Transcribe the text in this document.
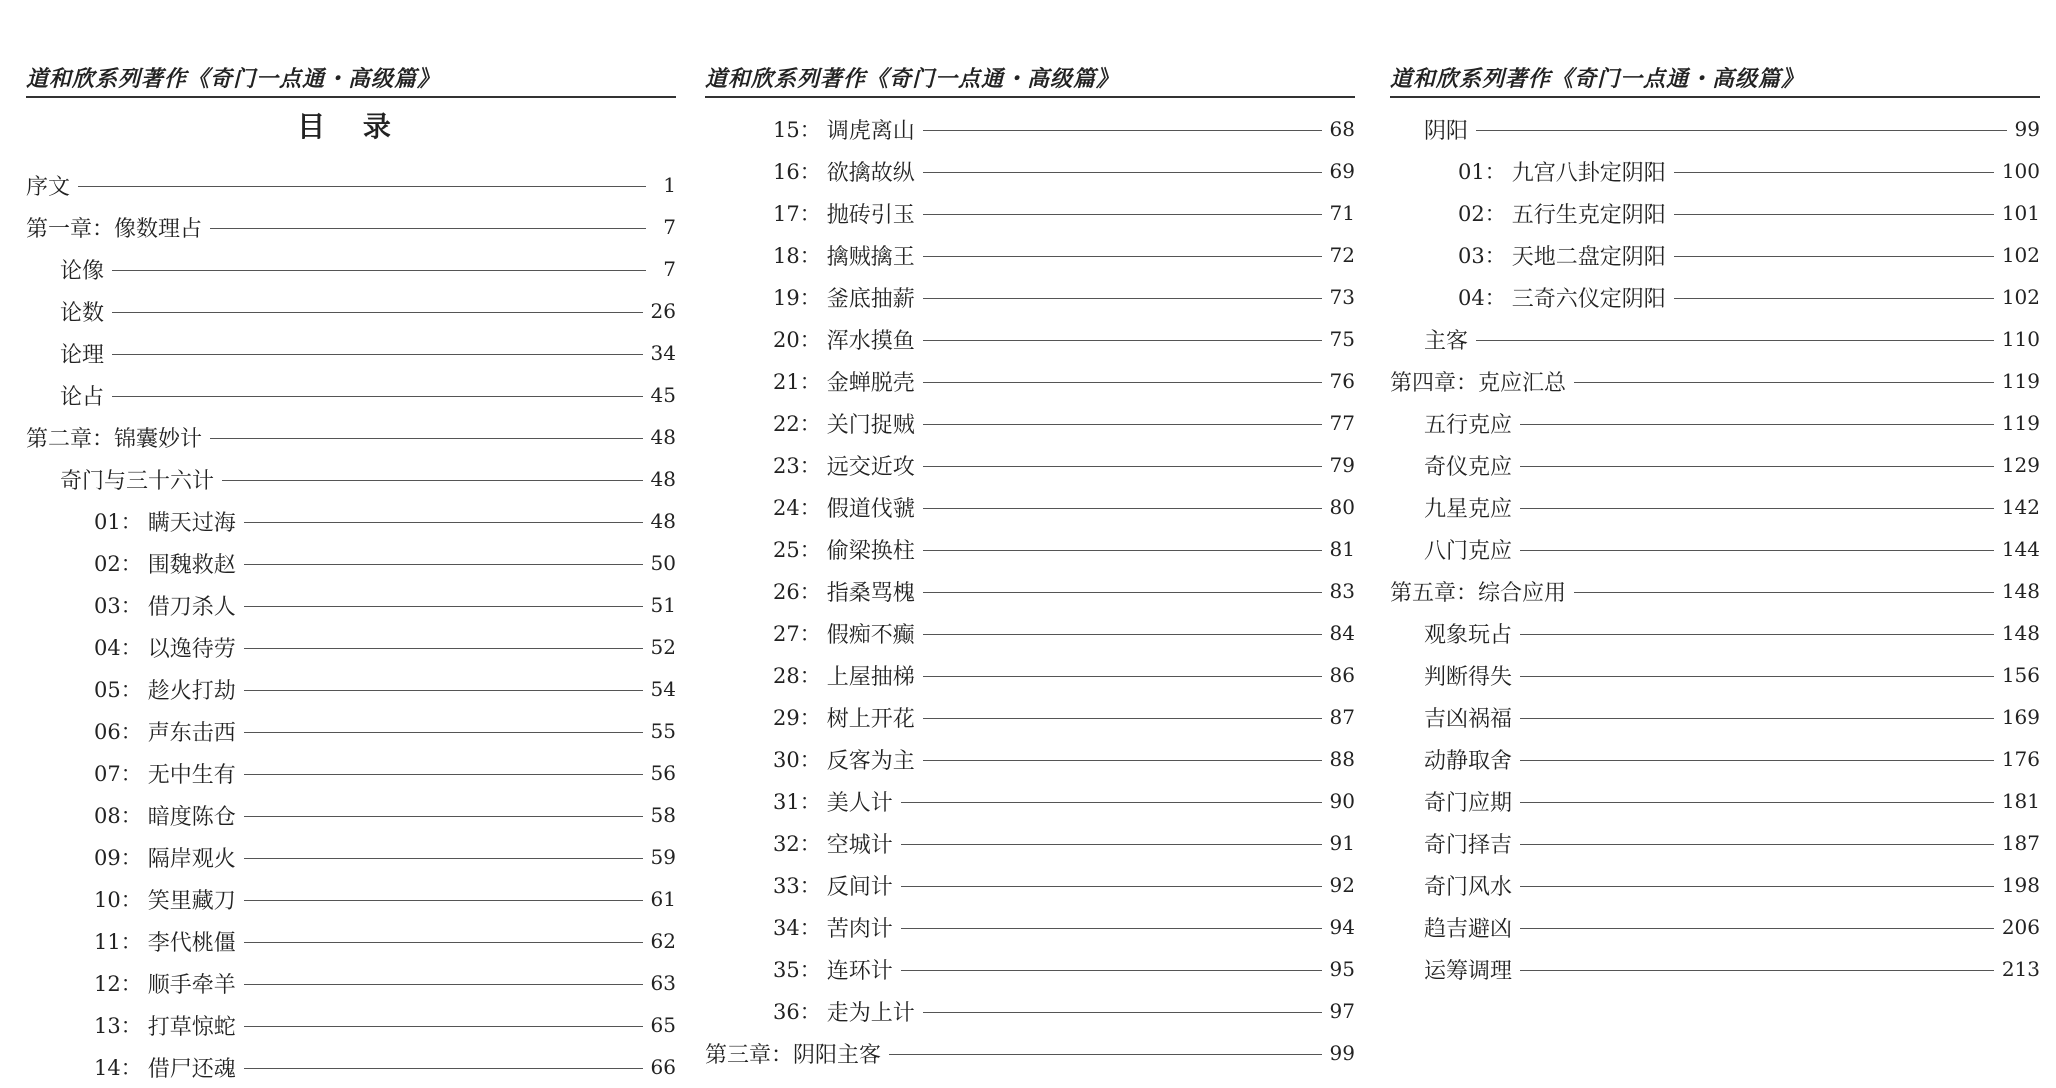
道和欣系列著作《奇门一点通・高级篇》
目 录
序文	1
第一章：像数理占	7
论像	7
论数	26
论理	34
论占	45
第二章：锦囊妙计	48
奇门与三十六计	48
01： 瞒天过海	48
02： 围魏救赵	50
03： 借刀杀人	51
04： 以逸待劳	52
05： 趁火打劫	54
06： 声东击西	55
07： 无中生有	56
08： 暗度陈仓	58
09： 隔岸观火	59
10： 笑里藏刀	61
11： 李代桃僵	62
12： 顺手牵羊	63
13： 打草惊蛇	65
14： 借尸还魂	66
道和欣系列著作《奇门一点通・高级篇》
15： 调虎离山	68
16： 欲擒故纵	69
17： 抛砖引玉	71
18： 擒贼擒王	72
19： 釜底抽薪	73
20： 浑水摸鱼	75
21： 金蝉脱壳	76
22： 关门捉贼	77
23： 远交近攻	79
24： 假道伐虢	80
25： 偷梁换柱	81
26： 指桑骂槐	83
27： 假痴不癫	84
28： 上屋抽梯	86
29： 树上开花	87
30： 反客为主	88
31： 美人计	90
32： 空城计	91
33： 反间计	92
34： 苦肉计	94
35： 连环计	95
36： 走为上计	97
第三章：阴阳主客	99
道和欣系列著作《奇门一点通・高级篇》
阴阳	99
01： 九宫八卦定阴阳	100
02： 五行生克定阴阳	101
03： 天地二盘定阴阳	102
04： 三奇六仪定阴阳	102
主客	110
第四章：克应汇总	119
五行克应	119
奇仪克应	129
九星克应	142
八门克应	144
第五章：综合应用	148
观象玩占	148
判断得失	156
吉凶祸福	169
动静取舍	176
奇门应期	181
奇门择吉	187
奇门风水	198
趋吉避凶	206
运筹调理	213
